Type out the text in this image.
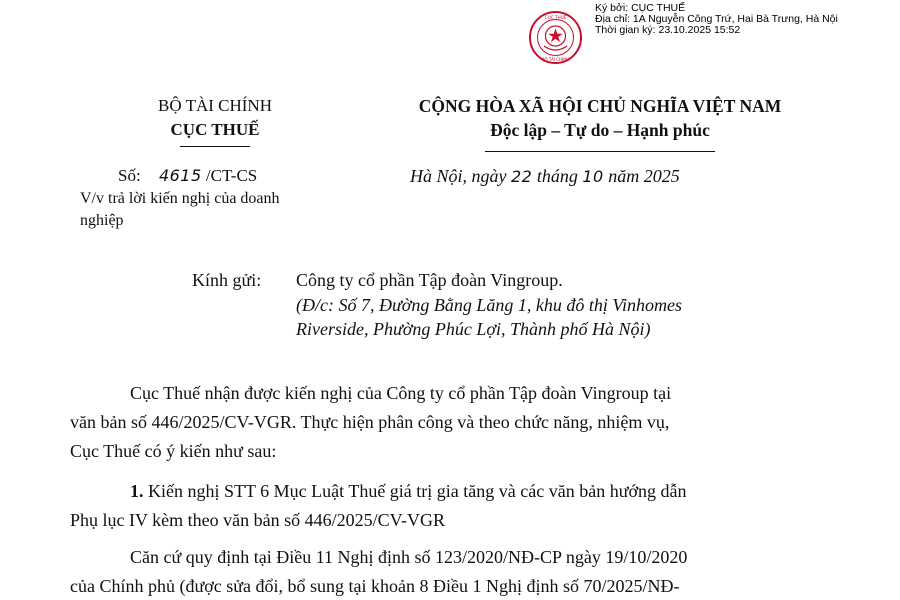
CỤC THUẾ
BỘ TÀI CHÍNH
Ký bởi: CỤC THUẾ
Địa chỉ: 1A Nguyễn Công Trứ, Hai Bà Trưng, Hà Nội
Thời gian ký: 23.10.2025 15:52
BỘ TÀI CHÍNH
CỤC THUẾ
CỘNG HÒA XÃ HỘI CHỦ NGHĨA VIỆT NAM
Độc lập – Tự do – Hạnh phúc
Số: 4615 /CT-CS
V/v trả lời kiến nghị của doanh
nghiệp
Hà Nội, ngày 22 tháng 10 năm 2025
Kính gửi: Công ty cổ phần Tập đoàn Vingroup.
(Đ/c: Số 7, Đường Bằng Lăng 1, khu đô thị Vinhomes
Riverside, Phường Phúc Lợi, Thành phố Hà Nội)
Cục Thuế nhận được kiến nghị của Công ty cổ phần Tập đoàn Vingroup tại
văn bản số 446/2025/CV-VGR. Thực hiện phân công và theo chức năng, nhiệm vụ,
Cục Thuế có ý kiến như sau:
1. Kiến nghị STT 6 Mục Luật Thuế giá trị gia tăng và các văn bản hướng dẫn
Phụ lục IV kèm theo văn bản số 446/2025/CV-VGR
Căn cứ quy định tại Điều 11 Nghị định số 123/2020/NĐ-CP ngày 19/10/2020
của Chính phủ (được sửa đổi, bổ sung tại khoản 8 Điều 1 Nghị định số 70/2025/NĐ-
